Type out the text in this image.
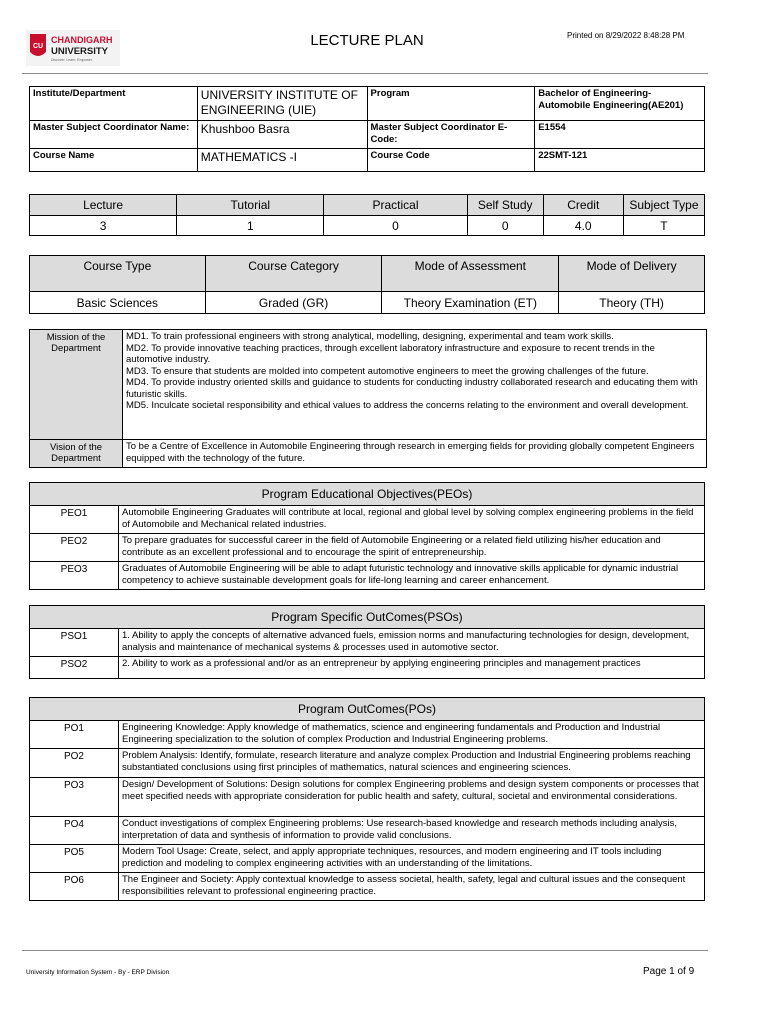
CU
CHANDIGARH
UNIVERSITY
Discover. Learn. Empower.
LECTURE PLAN	Printed on 8/29/2022 8:48:28 PM
Institute/Department	UNIVERSITY INSTITUTE OF ENGINEERING (UIE)	Program	Bachelor of Engineering-Automobile Engineering(AE201)
Master Subject Coordinator Name:	Khushboo Basra	Master Subject Coordinator E-Code:	E1554
Course Name	MATHEMATICS -I	Course Code	22SMT-121
Lecture	Tutorial	Practical	Self Study	Credit	Subject Type
3	1	0	0	4.0	T
Course Type	Course Category	Mode of Assessment	Mode of Delivery
Basic Sciences	Graded (GR)	Theory Examination (ET)	Theory (TH)
Mission of the Department	MD1. To train professional engineers with strong analytical, modelling, designing, experimental and team work skills.
MD2. To provide innovative teaching practices, through excellent laboratory infrastructure and exposure to recent trends in the automotive industry.
MD3. To ensure that students are molded into competent automotive engineers to meet the growing challenges of the future.
MD4. To provide industry oriented skills and guidance to students for conducting industry collaborated research and educating them with futuristic skills.
MD5. Inculcate societal responsibility and ethical values to address the concerns relating to the environment and overall development.

Vision of the Department	To be a Centre of Excellence in Automobile Engineering through research in emerging fields for providing globally competent Engineers equipped with the technology of the future.
Program Educational Objectives(PEOs)	
PEO1	Automobile Engineering Graduates will contribute at local, regional and global level by solving complex engineering problems in the field of Automobile and Mechanical related industries.
PEO2	To prepare graduates for successful career in the field of Automobile Engineering or a related field utilizing his/her education and contribute as an excellent professional and to encourage the spirit of entrepreneurship.
PEO3	Graduates of Automobile Engineering will be able to adapt futuristic technology and innovative skills applicable for dynamic industrial competency to achieve sustainable development goals for life-long learning and career enhancement.
Program Specific OutComes(PSOs)	
PSO1	1. Ability to apply the concepts of alternative advanced fuels, emission norms and manufacturing technologies for design, development, analysis and maintenance of mechanical systems & processes used in automotive sector.
PSO2	2. Ability to work as a professional and/or as an entrepreneur by applying engineering principles and management practices
Program OutComes(POs)	
PO1	Engineering Knowledge: Apply knowledge of mathematics, science and engineering fundamentals and Production and Industrial Engineering specialization to the solution of complex Production and Industrial Engineering problems.
PO2	Problem Analysis: Identify, formulate, research literature and analyze complex Production and Industrial Engineering problems reaching substantiated conclusions using first principles of mathematics, natural sciences and engineering sciences.
PO3	Design/ Development of Solutions: Design solutions for complex Engineering problems and design system components or processes that meet specified needs with appropriate consideration for public health and safety, cultural, societal and environmental considerations.
PO4	Conduct investigations of complex Engineering problems: Use research-based knowledge and research methods including analysis, interpretation of data and synthesis of information to provide valid conclusions.
PO5	Modern Tool Usage: Create, select, and apply appropriate techniques, resources, and modern engineering and IT tools including prediction and modeling to complex engineering activities with an understanding of the limitations.
PO6	The Engineer and Society: Apply contextual knowledge to assess societal, health, safety, legal and cultural issues and the consequent responsibilities relevant to professional engineering practice.
University Information System - By - ERP Division	Page 1 of 9
